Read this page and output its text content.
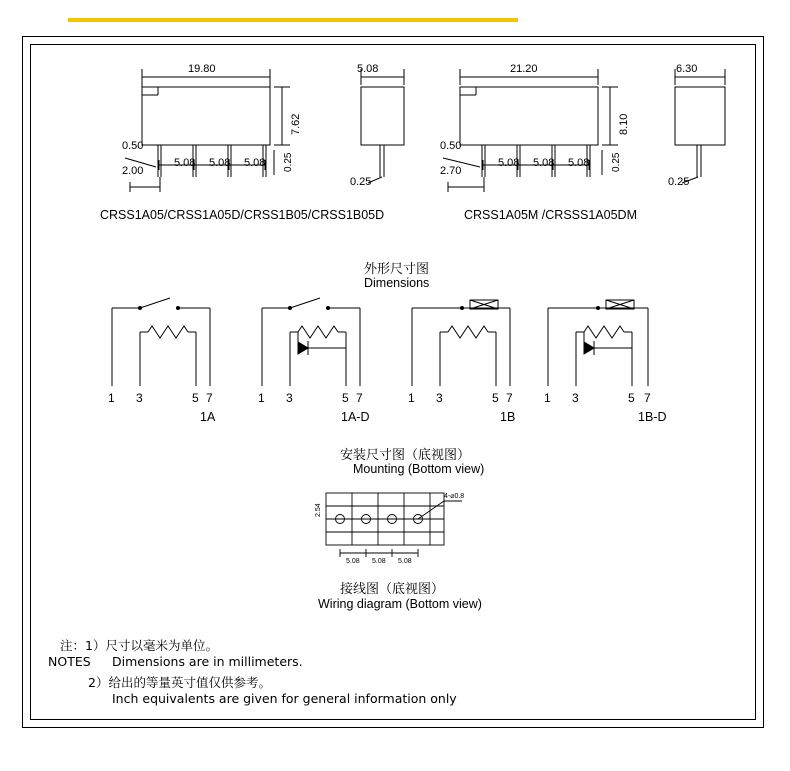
19.80
7.62
0.50
2.00
5.08 5.08 5.08 0.25
5.08
0.25
21.20
8.10
0.50
2.70
5.08 5.08 5.08 0.25
6.30
0.25
CRSS1A05/CRSS1A05D/CRSS1B05/CRSS1B05D	CRSS1A05M /CRSSS1A05DM
外形尺寸图
Dimensions
1 3	5 7	1 3	5 7	1 3	5 7	1 3	5 7
1A	1A-D	1B	1B-D
安装尺寸图（底视图）
Mounting (Bottom view)
4-⌀0.8
2.54
5.08 5.08 5.08
接线图（底视图）
Wiring diagram (Bottom view)
注：1）尺寸以毫米为单位。
NOTES Dimensions are in millimeters.
2）给出的等量英寸值仅供参考。
Inch equivalents are given for general information only
